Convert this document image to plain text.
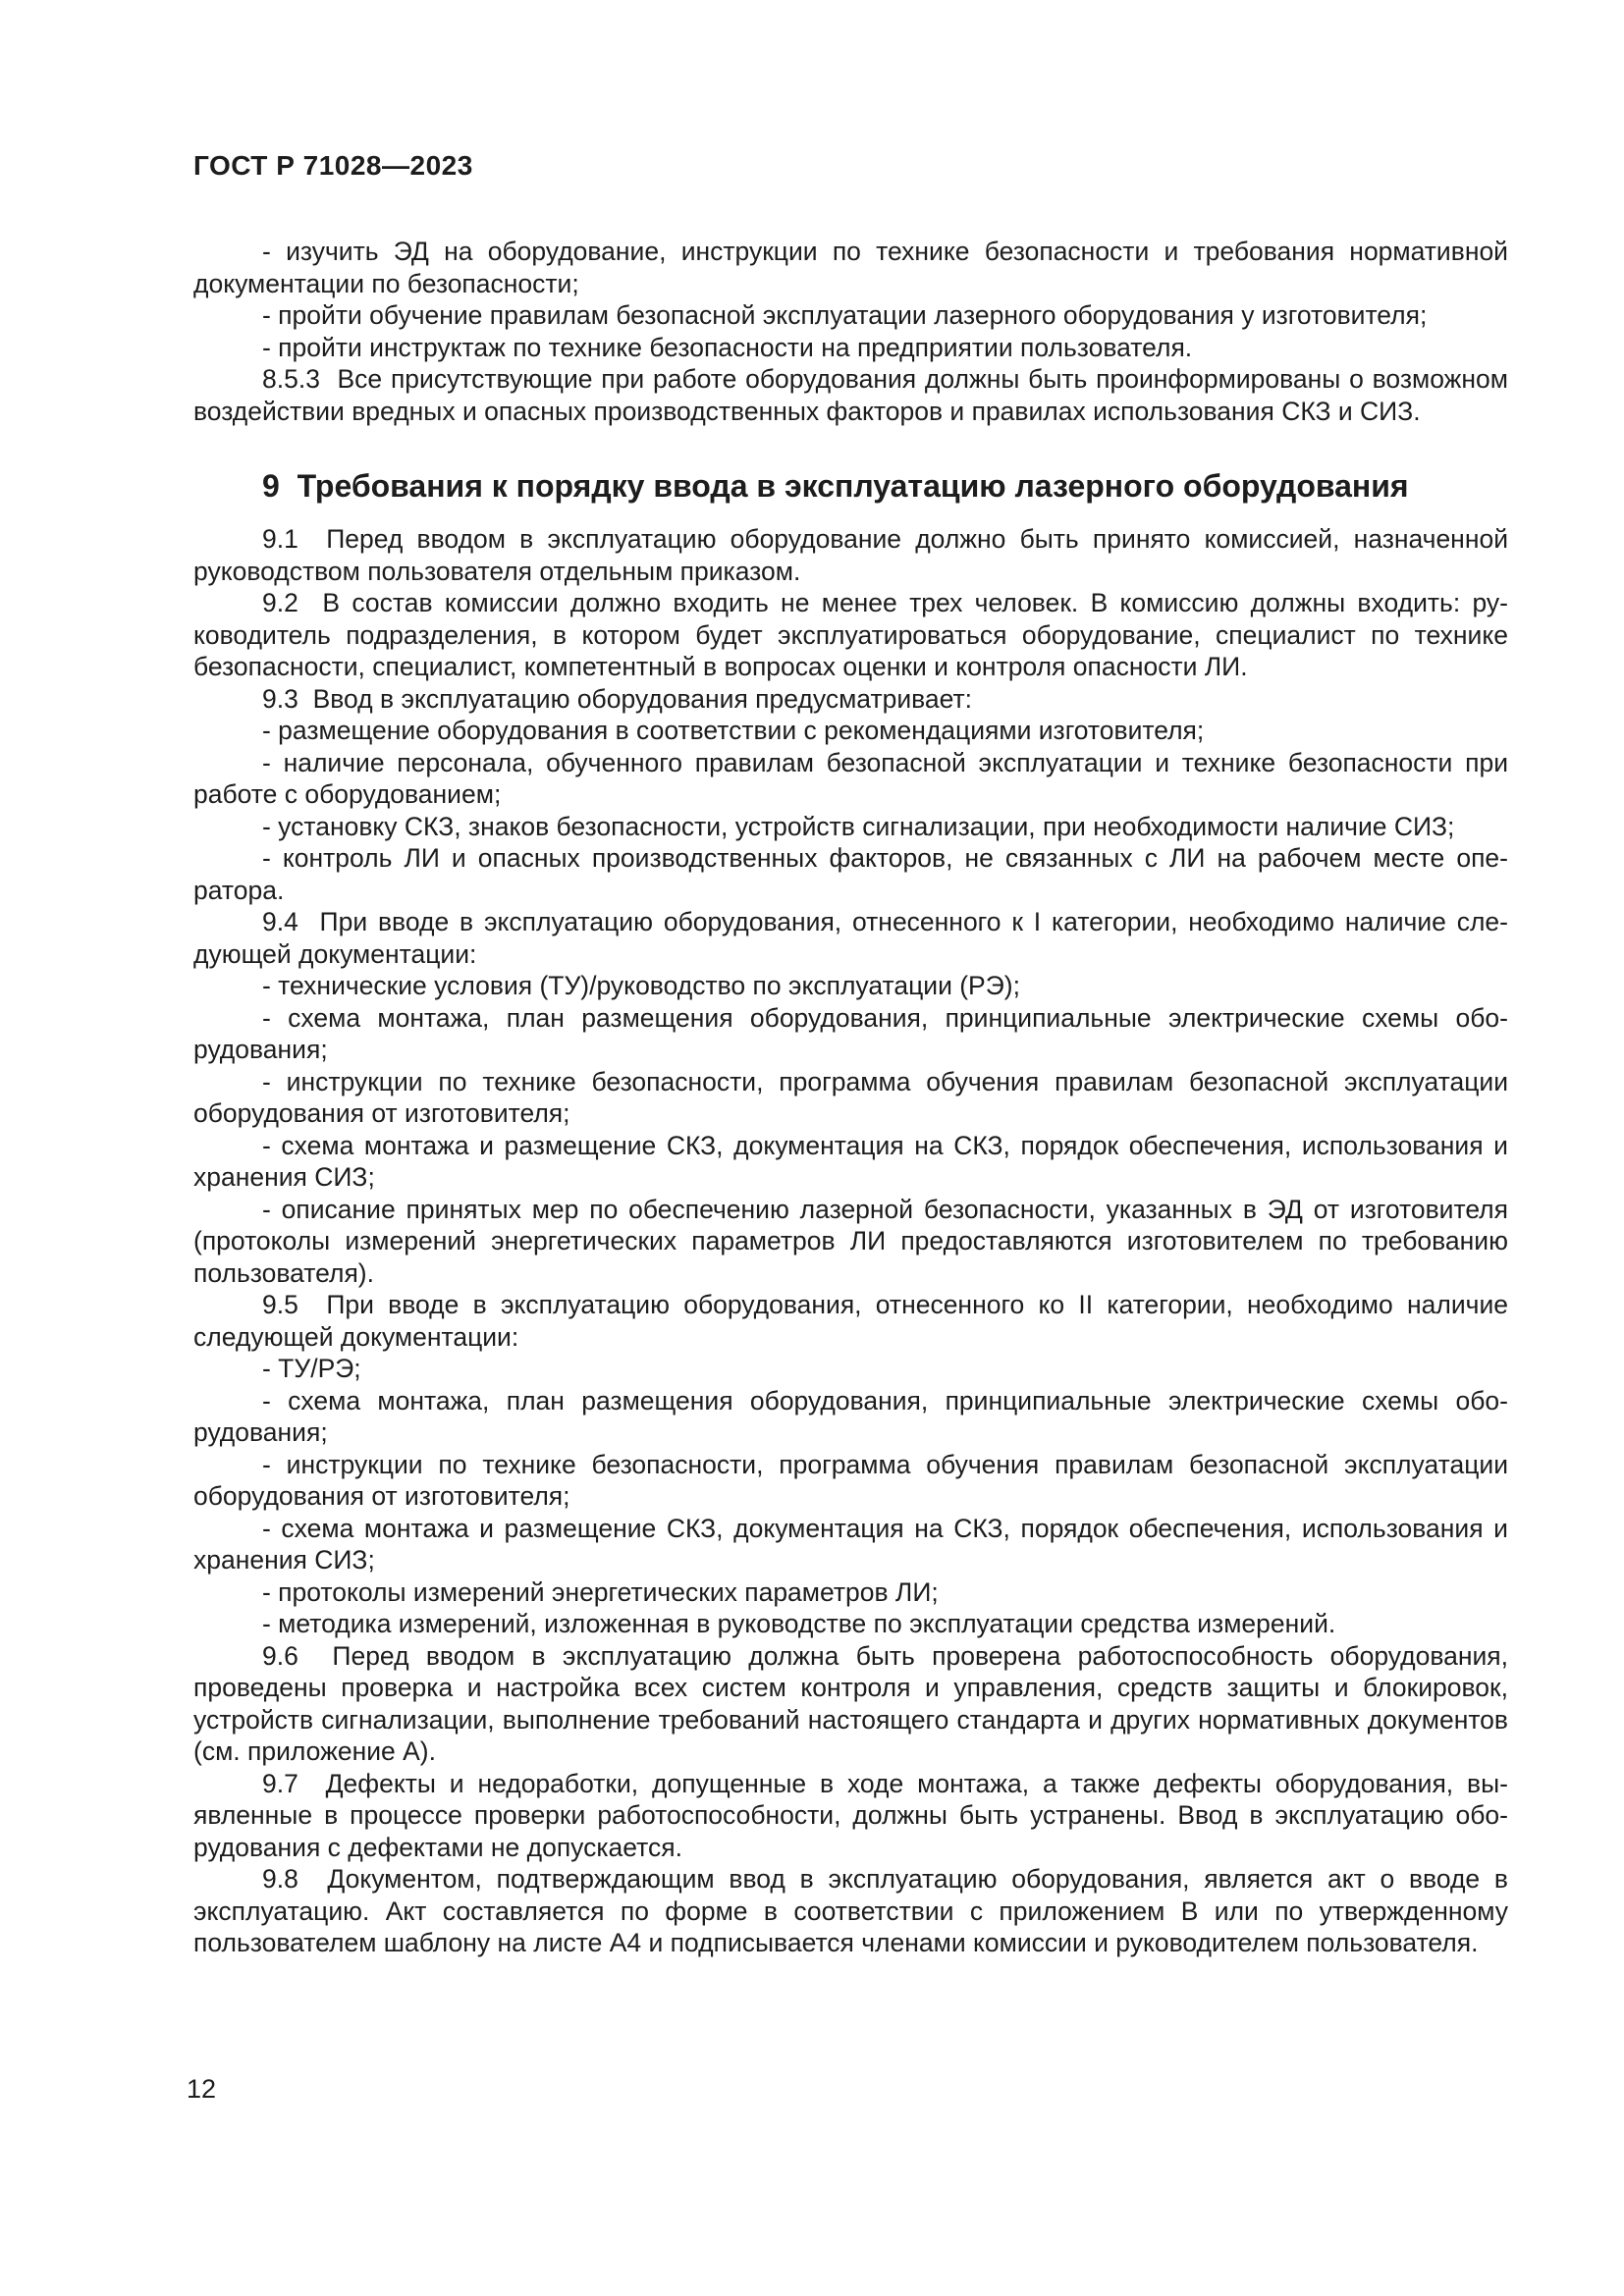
ГОСТ Р 71028—2023

- изучить ЭД на оборудование, инструкции по технике безопасности и требования нормативной документации по безопасности;

- пройти обучение правилам безопасной эксплуатации лазерного оборудования у изготовителя;

- пройти инструктаж по технике безопасности на предприятии пользователя.

8.5.3  Все присутствующие при работе оборудования должны быть проинформированы о возможном воздействии вредных и опасных производственных факторов и правилах использования СКЗ и СИЗ.

9  Требования к порядку ввода в эксплуатацию лазерного оборудования

9.1  Перед вводом в эксплуатацию оборудование должно быть принято комиссией, назначенной руководством пользователя отдельным приказом.

9.2  В состав комиссии должно входить не менее трех человек. В комиссию должны входить: руководитель подразделения, в котором будет эксплуатироваться оборудование, специалист по технике безопасности, специалист, компетентный в вопросах оценки и контроля опасности ЛИ.

9.3  Ввод в эксплуатацию оборудования предусматривает:

- размещение оборудования в соответствии с рекомендациями изготовителя;

- наличие персонала, обученного правилам безопасной эксплуатации и технике безопасности при работе с оборудованием;

- установку СКЗ, знаков безопасности, устройств сигнализации, при необходимости наличие СИЗ;

- контроль ЛИ и опасных производственных факторов, не связанных с ЛИ на рабочем месте оператора.

9.4  При вводе в эксплуатацию оборудования, отнесенного к I категории, необходимо наличие следующей документации:

- технические условия (ТУ)/руководство по эксплуатации (РЭ);

- схема монтажа, план размещения оборудования, принципиальные электрические схемы оборудования;

- инструкции по технике безопасности, программа обучения правилам безопасной эксплуатации оборудования от изготовителя;

- схема монтажа и размещение СКЗ, документация на СКЗ, порядок обеспечения, использования и хранения СИЗ;

- описание принятых мер по обеспечению лазерной безопасности, указанных в ЭД от изготовителя (протоколы измерений энергетических параметров ЛИ предоставляются изготовителем по требованию пользователя).

9.5  При вводе в эксплуатацию оборудования, отнесенного ко II категории, необходимо наличие следующей документации:

- ТУ/РЭ;

- схема монтажа, план размещения оборудования, принципиальные электрические схемы оборудования;

- инструкции по технике безопасности, программа обучения правилам безопасной эксплуатации оборудования от изготовителя;

- схема монтажа и размещение СКЗ, документация на СКЗ, порядок обеспечения, использования и хранения СИЗ;

- протоколы измерений энергетических параметров ЛИ;

- методика измерений, изложенная в руководстве по эксплуатации средства измерений.

9.6  Перед вводом в эксплуатацию должна быть проверена работоспособность оборудования, проведены проверка и настройка всех систем контроля и управления, средств защиты и блокировок, устройств сигнализации, выполнение требований настоящего стандарта и других нормативных документов (см. приложение А).

9.7  Дефекты и недоработки, допущенные в ходе монтажа, а также дефекты оборудования, выявленные в процессе проверки работоспособности, должны быть устранены. Ввод в эксплуатацию оборудования с дефектами не допускается.

9.8  Документом, подтверждающим ввод в эксплуатацию оборудования, является акт о вводе в эксплуатацию. Акт составляется по форме в соответствии с приложением В или по утвержденному пользователем шаблону на листе А4 и подписывается членами комиссии и руководителем пользователя.

12
